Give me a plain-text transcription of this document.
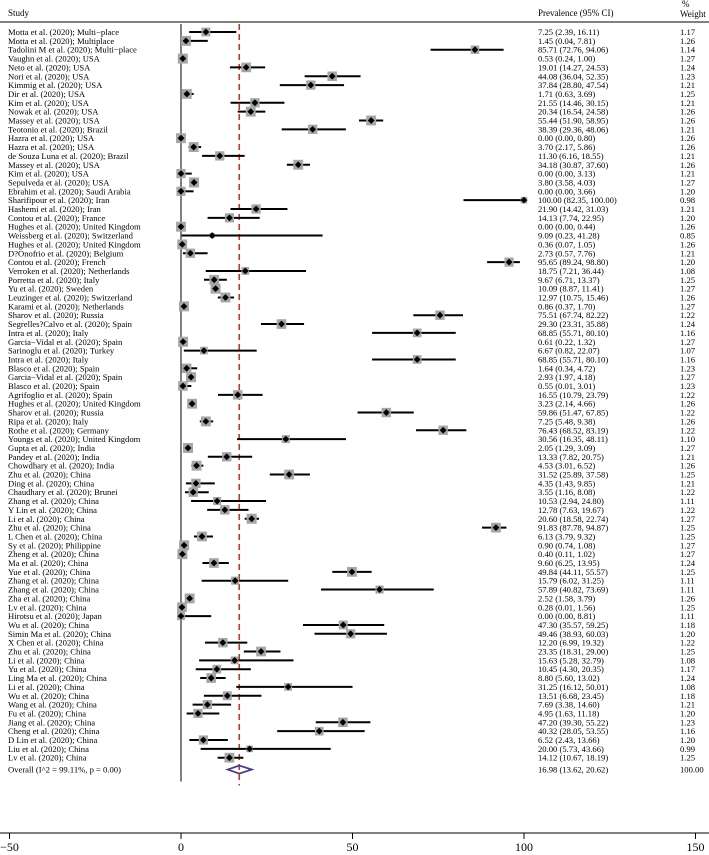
Study	Prevalence (95% CI)
%
Weight
Motta et al. (2020); Multi−place	7.25 (2.39, 16.11)	1.17
Motta et al. (2020); Multiplace	1.45 (0.04, 7.81)	1.26
Tadolini M et al. (2020); Multi−place	85.71 (72.76, 94.06)	1.14
Vaughn et al. (2020); USA	0.53 (0.24, 1.00)	1.27
Neto et al. (2020); USA	19.01 (14.27, 24.53)	1.24
Nori et al. (2020); USA	44.08 (36.04, 52.35)	1.23
Kimmig et al. (2020); USA	37.84 (28.80, 47.54)	1.21
Dir et al. (2020); USA	1.71 (0.63, 3.69)	1.25
Kim et al. (2020); USA	21.55 (14.46, 30.15)	1.21
Nowak et al. (2020); USA	20.34 (16.54, 24.58)	1.26
Massey et al. (2020); USA	55.44 (51.90, 58.95)	1.26
Teotonio et al. (2020); Brazil	38.39 (29.36, 48.06)	1.21
Hazra et al. (2020); USA	0.00 (0.00, 0.80)	1.26
Hazra et al. (2020); USA	3.70 (2.17, 5.86)	1.26
de Souza Luna et al. (2020); Brazil	11.30 (6.16, 18.55)	1.21
Massey et al. (2020); USA	34.18 (30.87, 37.60)	1.26
Kim et al. (2020); USA	0.00 (0.00, 3.13)	1.21
Sepulveda et al. (2020); USA	3.80 (3.58, 4.03)	1.27
Ebrahim et al. (2020); Saudi Arabia	0.00 (0.00, 3.66)	1.20
Sharifipour et al. (2020); Iran	100.00 (82.35, 100.00)	0.98
Hashemi et al. (2020); Iran	21.90 (14.42, 31.03)	1.21
Contou et al. (2020); France	14.13 (7.74, 22.95)	1.20
Hughes et al. (2020); United Kingdom	0.00 (0.00, 0.44)	1.26
Weissberg et al. (2020); Switzerland	9.09 (0.23, 41.28)	0.85
Hughes et al. (2020); United Kingdom	0.36 (0.07, 1.05)	1.26
D?Onofrio et al. (2020); Belgium	2.73 (0.57, 7.76)	1.21
Contou et al. (2020); French	95.65 (89.24, 98.80)	1.20
Verroken et al. (2020); Netherlands	18.75 (7.21, 36.44)	1.08
Porretta et al. (2020); Italy	9.67 (6.71, 13.37)	1.25
Yu et al. (2020); Sweden	10.09 (8.87, 11.41)	1.27
Leuzinger et al. (2020); Switzerland	12.97 (10.75, 15.46)	1.26
Karami et al. (2020); Netherlands	0.86 (0.37, 1.70)	1.27
Sharov et al. (2020); Russia	75.51 (67.74, 82.22)	1.22
Segrelles?Calvo et al. (2020); Spain	29.30 (23.31, 35.88)	1.24
Intra et al. (2020); Italy	68.85 (55.71, 80.10)	1.16
Garcia−Vidal et al. (2020); Spain	0.61 (0.22, 1.32)	1.27
Sarinoglu et al. (2020); Turkey	6.67 (0.82, 22.07)	1.07
Intra et al. (2020); Italy	68.85 (55.71, 80.10)	1.16
Blasco et al. (2020); Spain	1.64 (0.34, 4.72)	1.23
Garcia−Vidal et al. (2020); Spain	2.93 (1.97, 4.18)	1.27
Blasco et al. (2020); Spain	0.55 (0.01, 3.01)	1.23
Agrifoglio et al. (2020); Spain	16.55 (10.79, 23.79)	1.22
Hughes et al. (2020); United Kingdom	3.23 (2.14, 4.66)	1.26
Sharov et al. (2020); Russia	59.86 (51.47, 67.85)	1.22
Ripa et al. (2020); Italy	7.25 (5.48, 9.38)	1.26
Rothe et al. (2020); Germany	76.43 (68.52, 83.19)	1.22
Youngs et al. (2020); United Kingdom	30.56 (16.35, 48.11)	1.10
Gupta et al. (2020); India	2.05 (1.29, 3.09)	1.27
Pandey et al. (2020); India	13.33 (7.82, 20.75)	1.21
Chowdhary et al. (2020); India	4.53 (3.01, 6.52)	1.26
Zhu et al. (2020); China	31.52 (25.89, 37.58)	1.25
Ding et al. (2020); China	4.35 (1.43, 9.85)	1.21
Chaudhary et al. (2020); Brunei	3.55 (1.16, 8.08)	1.22
Zhang et al. (2020); China	10.53 (2.94, 24.80)	1.11
Y Lin et al. (2020); China	12.78 (7.63, 19.67)	1.22
Li et al. (2020); China	20.60 (18.58, 22.74)	1.27
Zhu et al. (2020); China	91.83 (87.78, 94.87)	1.25
L Chen et al. (2020); China	6.13 (3.79, 9.32)	1.25
Sy et al. (2020); Philippine	0.90 (0.74, 1.08)	1.27
Zheng et al. (2020); China	0.40 (0.11, 1.02)	1.27
Ma et al. (2020); China	9.60 (6.25, 13.95)	1.24
Yue et al. (2020); China	49.84 (44.11, 55.57)	1.25
Zhang et al. (2020); China	15.79 (6.02, 31.25)	1.11
Zhang et al. (2020); China	57.89 (40.82, 73.69)	1.11
Zha et al. (2020); China	2.52 (1.58, 3.79)	1.26
Lv et al. (2020); China	0.28 (0.01, 1.56)	1.25
Hirotsu et al. (2020); Japan	0.00 (0.00, 8.81)	1.11
Wu et al. (2020); China	47.30 (35.57, 59.25)	1.18
Simin Ma et al. (2020); China	49.46 (38.93, 60.03)	1.20
X Chen et al. (2020); China	12.20 (6.99, 19.32)	1.22
Zhu et al. (2020); China	23.35 (18.31, 29.00)	1.25
Li et al. (2020); China	15.63 (5.28, 32.79)	1.08
Yu et al. (2020); China	10.45 (4.30, 20.35)	1.17
Ling Ma et al. (2020); China	8.80 (5.60, 13.02)	1.24
Li et al. (2020); China	31.25 (16.12, 50.01)	1.08
Wu et al. (2020); China	13.51 (6.68, 23.45)	1.18
Wang et al. (2020); China	7.69 (3.38, 14.60)	1.21
Fu et al. (2020); China	4.95 (1.63, 11.18)	1.20
Jiang et al. (2020); China	47.20 (39.30, 55.22)	1.23
Cheng et al. (2020); China	40.32 (28.05, 53.55)	1.16
D Lin et al. (2020); China	6.52 (2.43, 13.66)	1.20
Liu et al. (2020); China	20.00 (5.73, 43.66)	0.99
Lv et al. (2020); China	14.12 (10.67, 18.19)	1.25
Overall (I^2 = 99.11%, p = 0.00)	16.98 (13.62, 20.62)	100.00
−50	0	50	100	150
